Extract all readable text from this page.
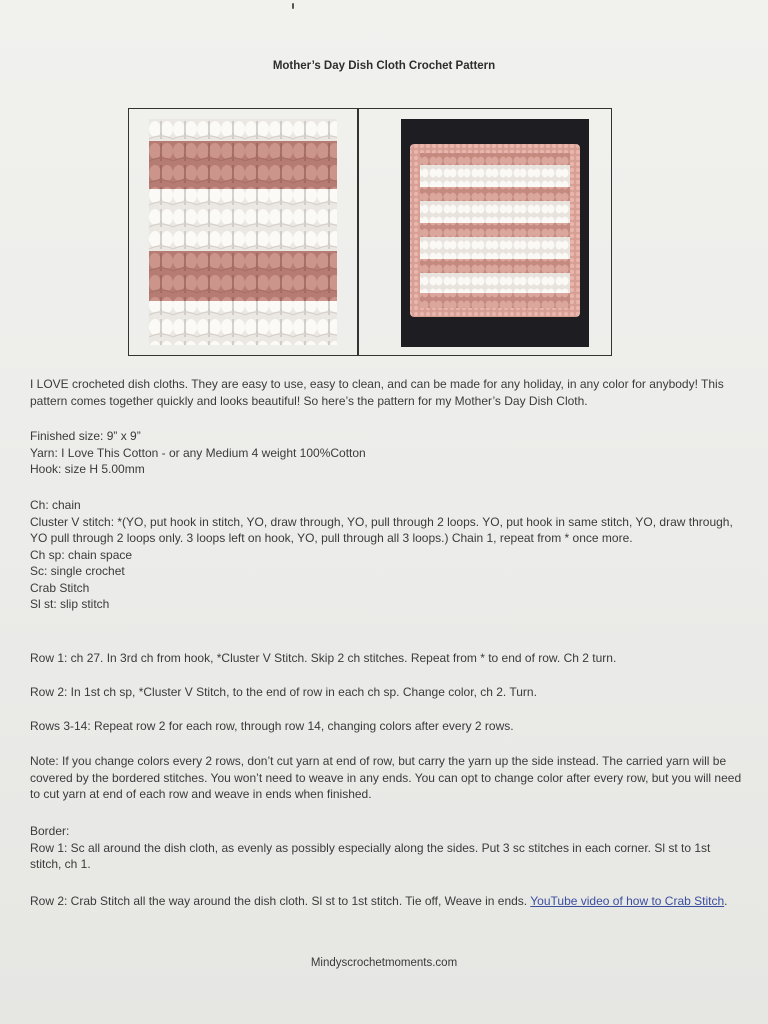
Mother’s Day Dish Cloth Crochet Pattern

I LOVE crocheted dish cloths. They are easy to use, easy to clean, and can be made for any holiday, in any color for anybody! This pattern comes together quickly and looks beautiful! So here’s the pattern for my Mother’s Day Dish Cloth.

Finished size: 9” x 9”

Yarn: I Love This Cotton - or any Medium 4 weight 100%Cotton

Hook: size H 5.00mm

Ch: chain

Cluster V stitch: *(YO, put hook in stitch, YO, draw through, YO, pull through 2 loops. YO, put hook in same stitch, YO, draw through, YO pull through 2 loops only. 3 loops left on hook, YO, pull through all 3 loops.) Chain 1, repeat from * once more.

Ch sp: chain space

Sc: single crochet

Crab Stitch

Sl st: slip stitch

Row 1: ch 27. In 3rd ch from hook, *Cluster V Stitch. Skip 2 ch stitches. Repeat from * to end of row. Ch 2 turn.

Row 2: In 1st ch sp, *Cluster V Stitch, to the end of row in each ch sp. Change color, ch 2. Turn.

Rows 3-14: Repeat row 2 for each row, through row 14, changing colors after every 2 rows.

Note: If you change colors every 2 rows, don’t cut yarn at end of row, but carry the yarn up the side instead. The carried yarn will be covered by the bordered stitches. You won’t need to weave in any ends. You can opt to change color after every row, but you will need to cut yarn at end of each row and weave in ends when finished.

Border:

Row 1: Sc all around the dish cloth, as evenly as possibly especially along the sides. Put 3 sc stitches in each corner. Sl st to 1st stitch, ch 1.

Row 2: Crab Stitch all the way around the dish cloth. Sl st to 1st stitch. Tie off, Weave in ends. YouTube video of how to Crab Stitch.

Mindyscrochetmoments.com
